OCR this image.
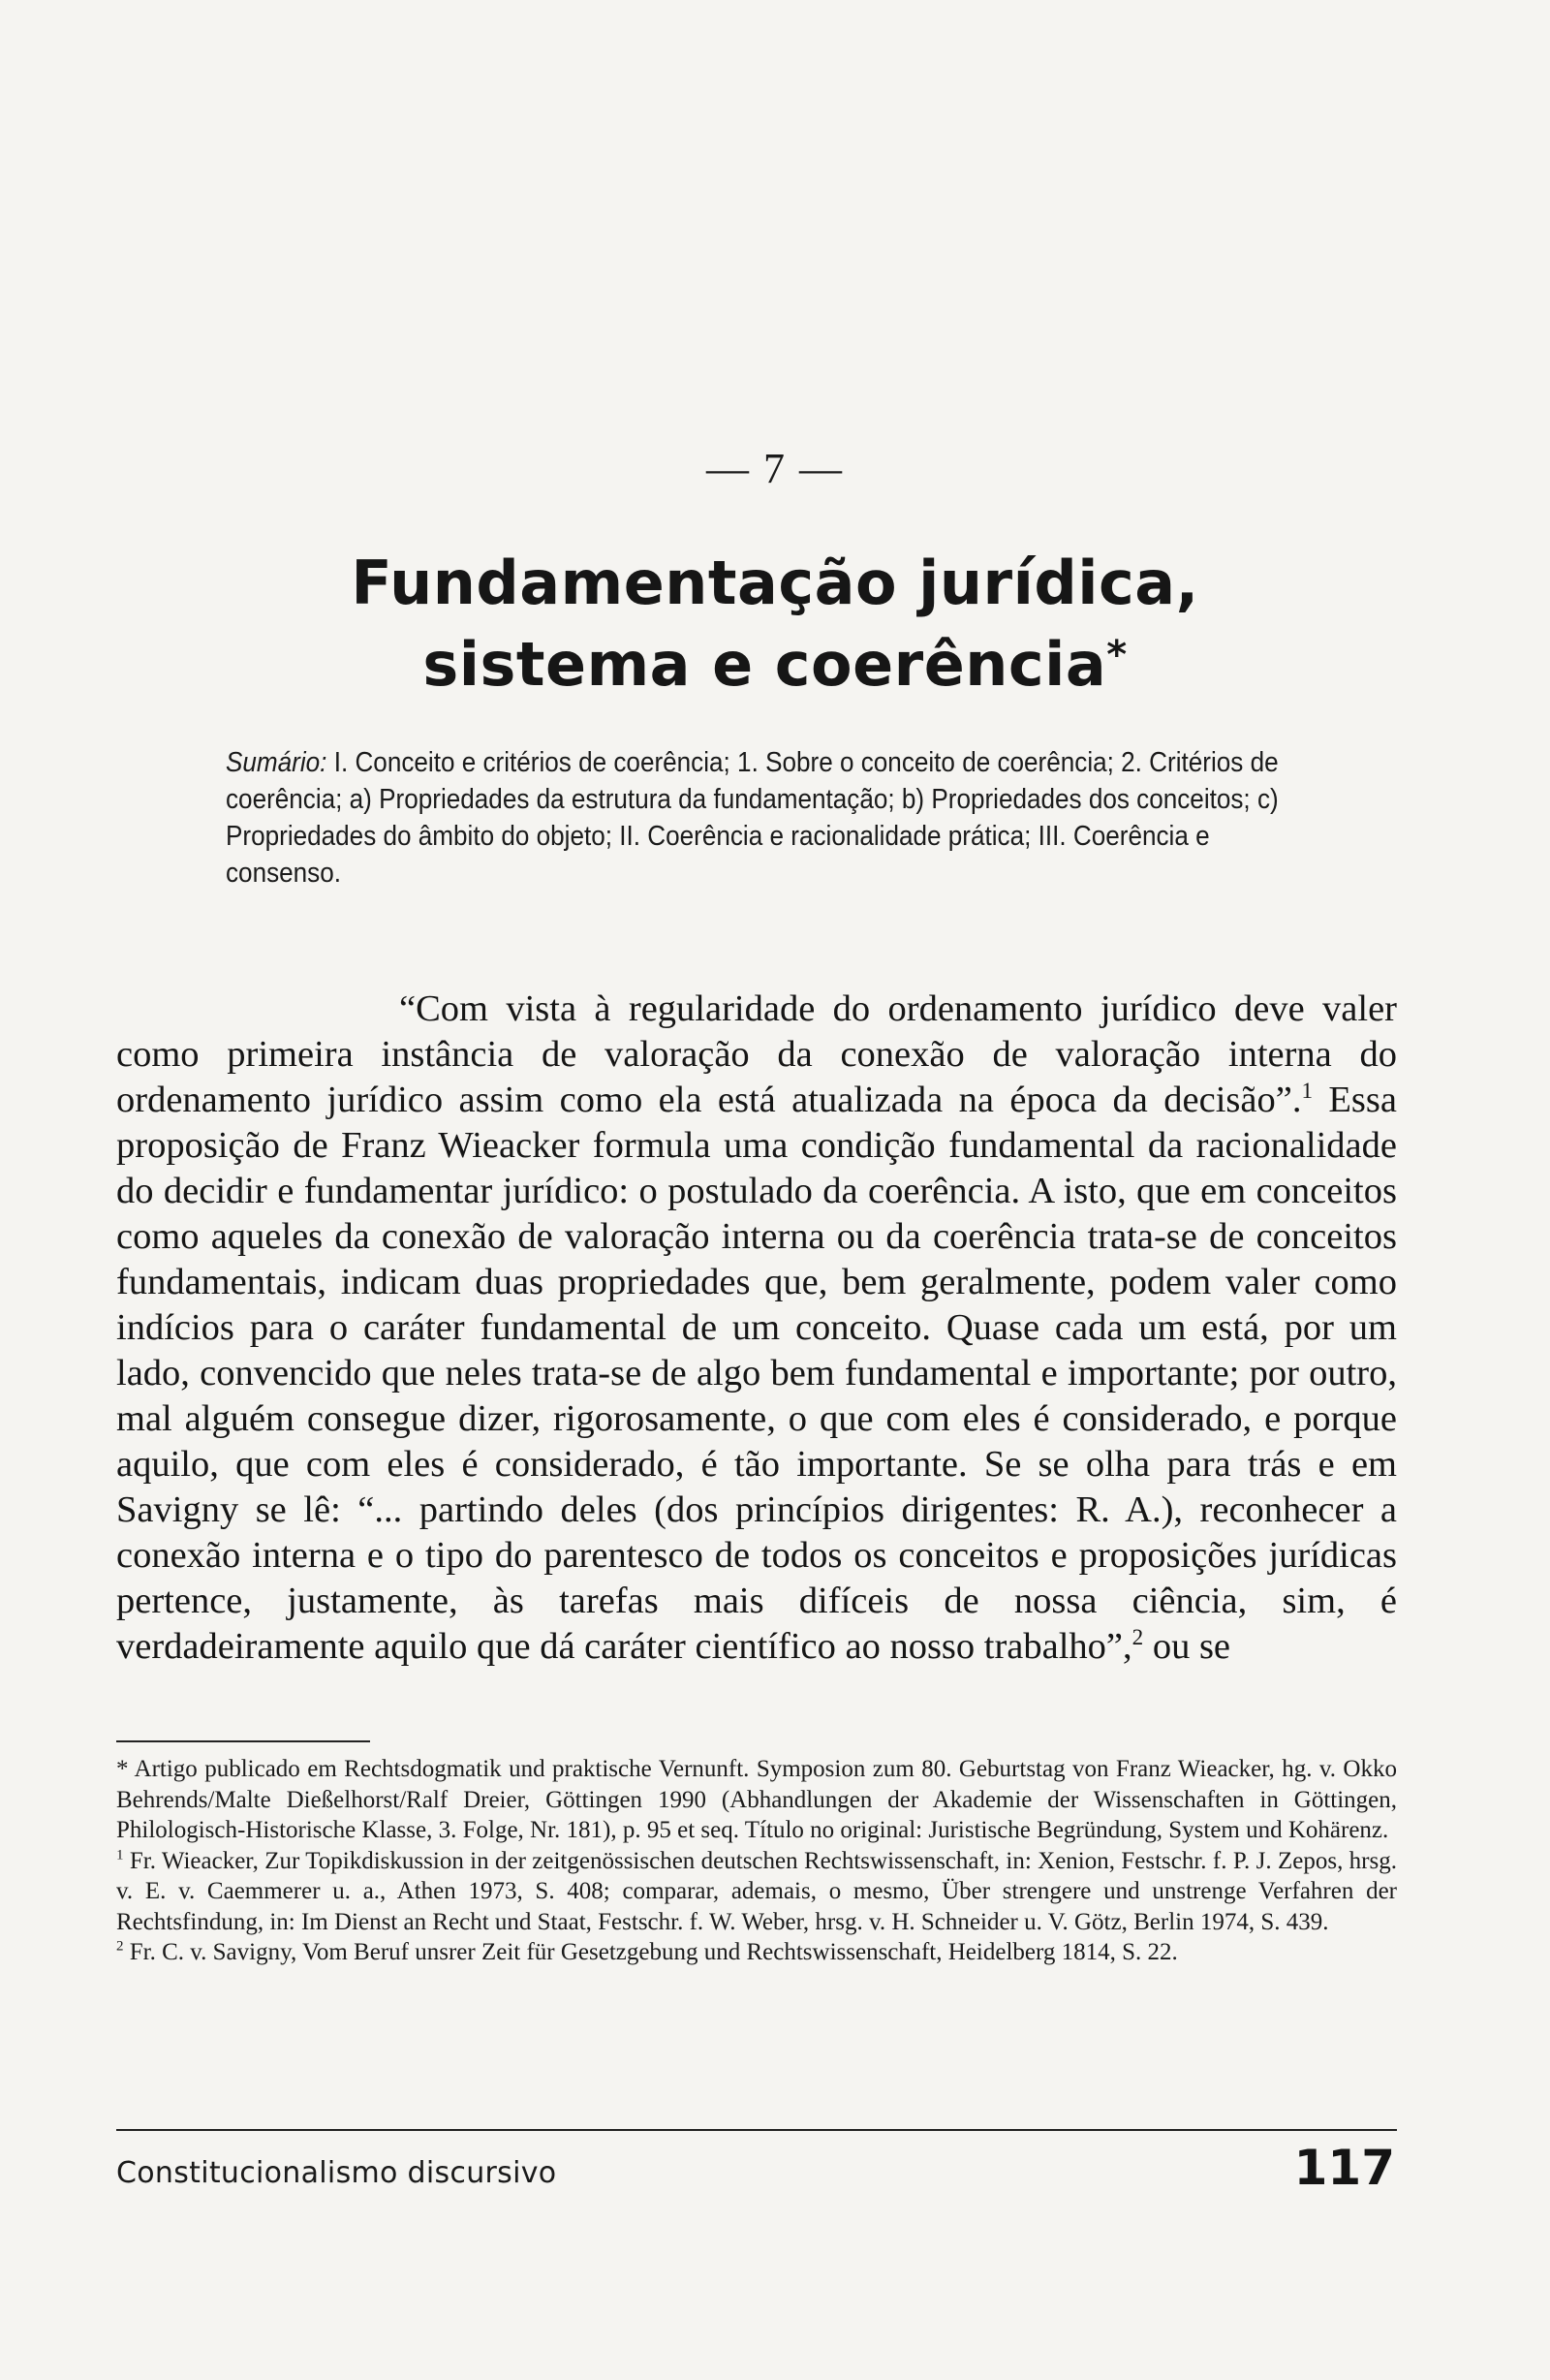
— 7 —
Fundamentação jurídica,
sistema e coerência*
Sumário: I. Conceito e critérios de coerência; 1. Sobre o conceito de coerência; 2. Critérios de coerência; a) Propriedades da estrutura da fundamentação; b) Propriedades dos conceitos; c) Propriedades do âmbito do objeto; II. Coerência e racionalidade prática; III. Coerência e consenso.

“Com vista à regularidade do ordenamento jurídico deve valer como primeira instância de valoração da conexão de valoração interna do ordenamento jurídico assim como ela está atualizada na época da decisão”.$^1$ Essa proposição de Franz Wieacker formula uma condição fundamental da racionalidade do decidir e fundamentar jurídico: o postulado da coerência. A isto, que em conceitos como aqueles da conexão de valoração interna ou da coerência trata-se de conceitos fundamentais, indicam duas propriedades que, bem geralmente, podem valer como indícios para o caráter fundamental de um conceito. Quase cada um está, por um lado, convencido que neles trata-se de algo bem fundamental e importante; por outro, mal alguém consegue dizer, rigorosamente, o que com eles é considerado, e porque aquilo, que com eles é considerado, é tão importante. Se se olha para trás e em Savigny se lê: “... partindo deles (dos princípios dirigentes: R. A.), reconhecer a conexão interna e o tipo do parentesco de todos os conceitos e proposições jurídicas pertence, justamente, às tarefas mais difíceis de nossa ciência, sim, é verdadeiramente aquilo que dá caráter científico ao nosso trabalho”,$^2$ ou se

* Artigo publicado em Rechtsdogmatik und praktische Vernunft. Symposion zum 80. Geburtstag von Franz Wieacker, hg. v. Okko Behrends/Malte Dießelhorst/Ralf Dreier, Göttingen 1990 (Abhandlungen der Akademie der Wissenschaften in Göttingen, Philologisch-Historische Klasse, 3. Folge, Nr. 181), p. 95 et seq. Título no original: Juristische Begründung, System und Kohärenz.

$^1$ Fr. Wieacker, Zur Topikdiskussion in der zeitgenössischen deutschen Rechtswissenschaft, in: Xenion, Festschr. f. P. J. Zepos, hrsg. v. E. v. Caemmerer u. a., Athen 1973, S. 408; comparar, ademais, o mesmo, Über strengere und unstrenge Verfahren der Rechtsfindung, in: Im Dienst an Recht und Staat, Festschr. f. W. Weber, hrsg. v. H. Schneider u. V. Götz, Berlin 1974, S. 439.

$^2$ Fr. C. v. Savigny, Vom Beruf unsrer Zeit für Gesetzgebung und Rechtswissenschaft, Heidelberg 1814, S. 22.

Constitucionalismo discursivo	117
